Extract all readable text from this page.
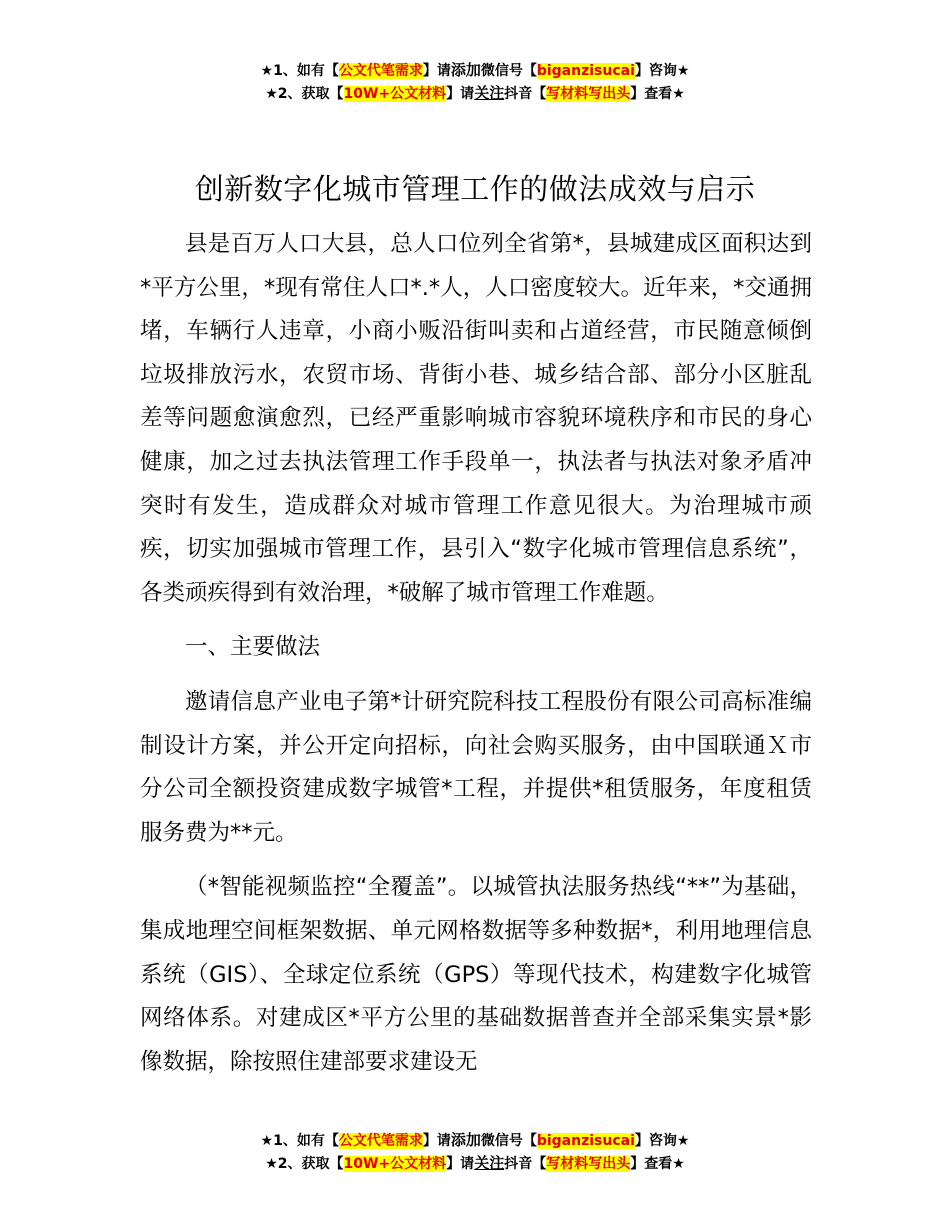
★1、如有【公文代笔需求】请添加微信号【biganzisucai】咨询★
★2、获取【10W+公文材料】请关注抖音【写材料写出头】查看★
创新数字化城市管理工作的做法成效与启示

县是百万人口大县，总人口位列全省第*，县城建成区面积达到*平方公里，*现有常住人口*.*人，人口密度较大。近年来，*交通拥堵，车辆行人违章，小商小贩沿街叫卖和占道经营，市民随意倾倒垃圾排放污水，农贸市场、背街小巷、城乡结合部、部分小区脏乱差等问题愈演愈烈，已经严重影响城市容貌环境秩序和市民的身心健康，加之过去执法管理工作手段单一，执法者与执法对象矛盾冲突时有发生，造成群众对城市管理工作意见很大。为治理城市顽疾，切实加强城市管理工作，县引入“数字化城市管理信息系统”，各类顽疾得到有效治理，*破解了城市管理工作难题。

一、主要做法

邀请信息产业电子第*计研究院科技工程股份有限公司高标准编制设计方案，并公开定向招标，向社会购买服务，由中国联通Ｘ市分公司全额投资建成数字城管*工程，并提供*租赁服务，年度租赁服务费为**元。

（*智能视频监控“全覆盖”。以城管执法服务热线“**”为基础，集成地理空间框架数据、单元网格数据等多种数据*，利用地理信息系统（GIS）、全球定位系统（GPS）等现代技术，构建数字化城管网络体系。对建成区*平方公里的基础数据普查并全部采集实景*影像数据，除按照住建部要求建设无

★1、如有【公文代笔需求】请添加微信号【biganzisucai】咨询★
★2、获取【10W+公文材料】请关注抖音【写材料写出头】查看★
